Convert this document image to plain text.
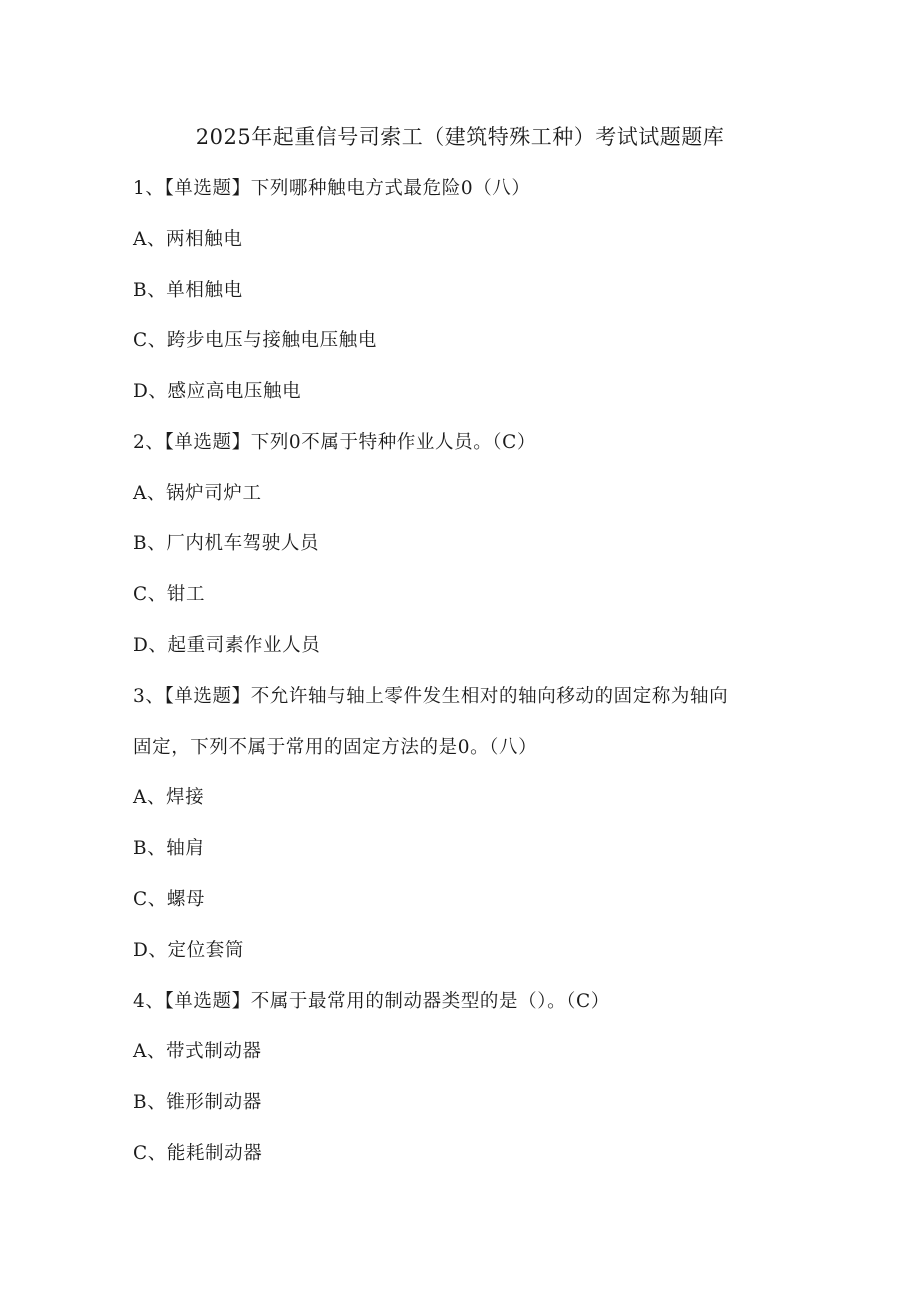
2025年起重信号司索工（建筑特殊工种）考试试题题库
1、【单选题】下列哪种触电方式最危险0（八）
A、两相触电
B、单相触电
C、跨步电压与接触电压触电
D、感应高电压触电
2、【单选题】下列0不属于特种作业人员。（C）
A、锅炉司炉工
B、厂内机车驾驶人员
C、钳工
D、起重司素作业人员
3、【单选题】不允许轴与轴上零件发生相对的轴向移动的固定称为轴向
固定，下列不属于常用的固定方法的是0。（八）
A、焊接
B、轴肩
C、螺母
D、定位套筒
4、【单选题】不属于最常用的制动器类型的是（）。（C）
A、带式制动器
B、锥形制动器
C、能耗制动器
